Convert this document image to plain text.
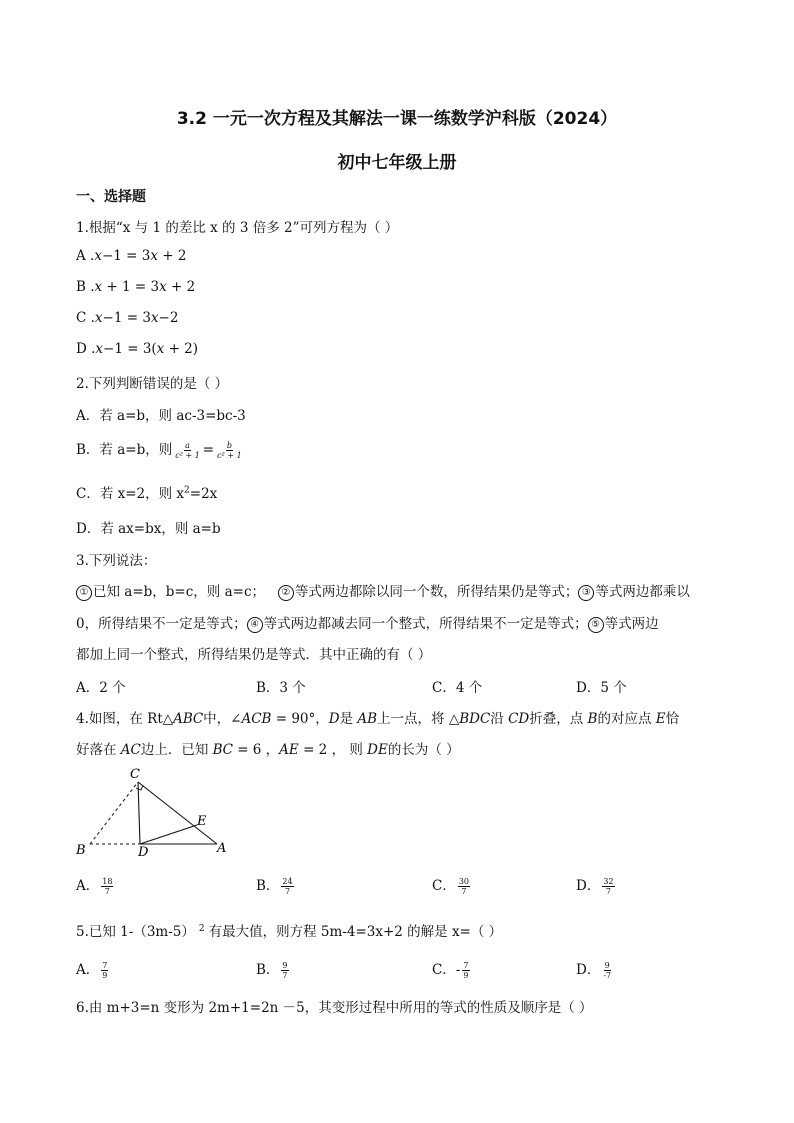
3.2 一元一次方程及其解法一课一练数学沪科版（2024）
初中七年级上册
一、选择题
1.根据“x 与 1 的差比 x 的 3 倍多 2”可列方程为（ ）
A .𝑥−1 = 3𝑥 + 2
B .𝑥 + 1 = 3𝑥 + 2
C .𝑥−1 = 3𝑥−2
D .𝑥−1 = 3(𝑥 + 2)
2.下列判断错误的是（ ）
A．若 a=b，则 ac-3=bc-3
B．若 a=b，则 $\frac{a}{\text{c² + 1}} = \frac{b}{\text{c² + 1}}$
C．若 x=2，则 $x^2=2x$
D．若 ax=bx，则 a=b
3.下列说法：
① 已知 a=b，b=c，则 a=c； ② 等式两边都除以同一个数，所得结果仍是等式； ③ 等式两边都乘以
0，所得结果不一定是等式； ④ 等式两边都减去同一个整式，所得结果不一定是等式； ⑤ 等式两边
都加上同一个整式，所得结果仍是等式．其中正确的有（ ）
A．2 个	B．3 个	C．4 个	D．5 个
4.如图，在 Rt△𝐴𝐵𝐶中，∠𝐴𝐶𝐵 = 90°，𝐷是 𝐴𝐵上一点，将 △𝐵𝐷𝐶沿 𝐶𝐷折叠，点 𝐵的对应点 𝐸恰
好落在 𝐴𝐶边上．已知 𝐵𝐶 = 6 ，𝐴𝐸 = 2 ， 则 𝐷𝐸的长为（ ）
C
E
B	D	A
A． $\frac{18}{7}$	B． $\frac{24}{7}$	C． $\frac{30}{7}$	D． $\frac{32}{7}$
5.已知 1-（3m-5） $^2$ 有最大值，则方程 5m-4=3x+2 的解是 x=（ ）
A． $\frac{7}{9}$	B． $\frac{9}{7}$	C．- $\frac{7}{9}$	D． $\frac{9}{-7}$
6.由 m+3=n 变形为 2m+1=2n －5，其变形过程中所用的等式的性质及顺序是（ ）
